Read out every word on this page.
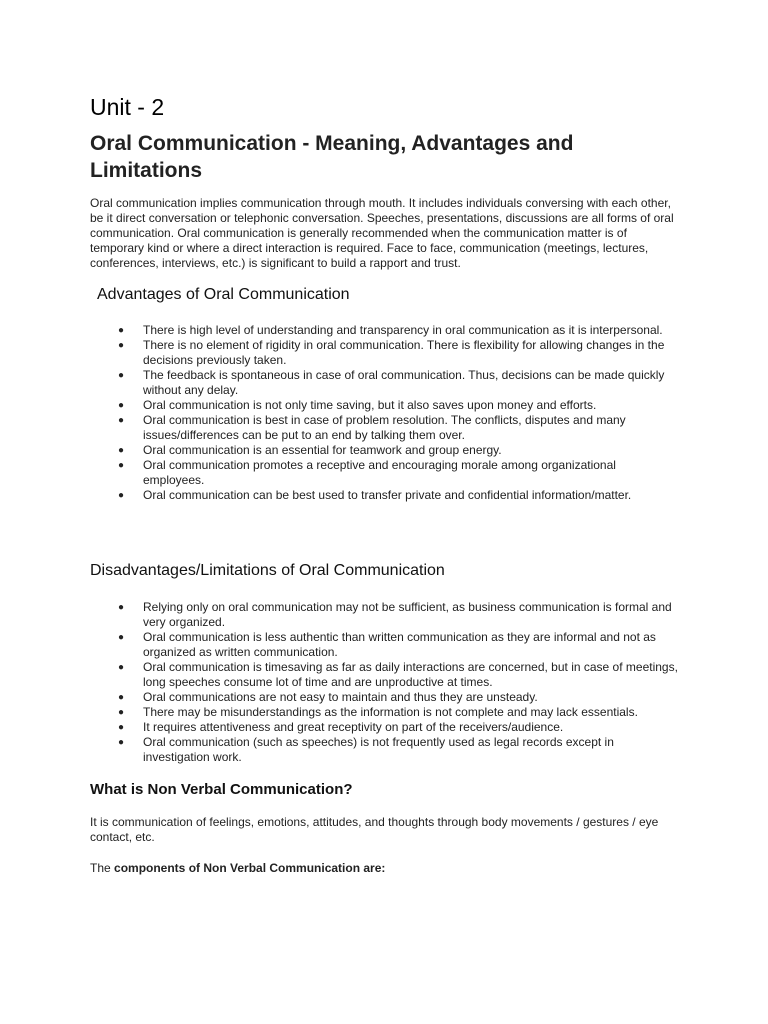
Unit - 2
Oral Communication - Meaning, Advantages and Limitations

Oral communication implies communication through mouth. It includes individuals conversing with each other, be it direct conversation or telephonic conversation. Speeches, presentations, discussions are all forms of oral communication. Oral communication is generally recommended when the communication matter is of temporary kind or where a direct interaction is required. Face to face, communication (meetings, lectures, conferences, interviews, etc.) is significant to build a rapport and trust.

Advantages of Oral Communication
● There is high level of understanding and transparency in oral communication as it is interpersonal.
● There is no element of rigidity in oral communication. There is flexibility for allowing changes in the decisions previously taken.
● The feedback is spontaneous in case of oral communication. Thus, decisions can be made quickly without any delay.
● Oral communication is not only time saving, but it also saves upon money and efforts.
● Oral communication is best in case of problem resolution. The conflicts, disputes and many issues/differences can be put to an end by talking them over.
● Oral communication is an essential for teamwork and group energy.
● Oral communication promotes a receptive and encouraging morale among organizational employees.
● Oral communication can be best used to transfer private and confidential information/matter.
Disadvantages/Limitations of Oral Communication
● Relying only on oral communication may not be sufficient, as business communication is formal and very organized.
● Oral communication is less authentic than written communication as they are informal and not as organized as written communication.
● Oral communication is timesaving as far as daily interactions are concerned, but in case of meetings, long speeches consume lot of time and are unproductive at times.
● Oral communications are not easy to maintain and thus they are unsteady.
● There may be misunderstandings as the information is not complete and may lack essentials.
● It requires attentiveness and great receptivity on part of the receivers/audience.
● Oral communication (such as speeches) is not frequently used as legal records except in investigation work.
What is Non Verbal Communication?

It is communication of feelings, emotions, attitudes, and thoughts through body movements / gestures / eye contact, etc.

The components of Non Verbal Communication are:
